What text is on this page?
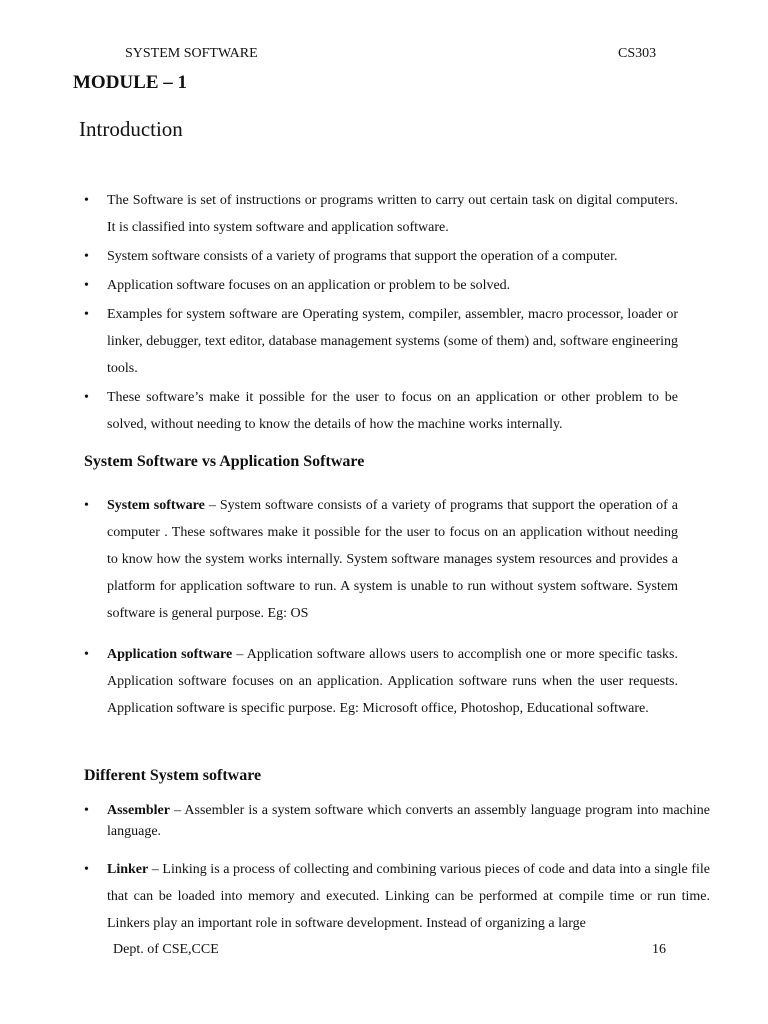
SYSTEM SOFTWARE	CS303
MODULE – 1
Introduction
• The Software is set of instructions or programs written to carry out certain task on digital computers. It is classified into system software and application software.
• System software consists of a variety of programs that support the operation of a computer.
• Application software focuses on an application or problem to be solved.
• Examples for system software are Operating system, compiler, assembler, macro processor, loader or linker, debugger, text editor, database management systems (some of them) and, software engineering tools.
• These software’s make it possible for the user to focus on an application or other problem to be solved, without needing to know the details of how the machine works internally.
System Software vs Application Software
• System software – System software consists of a variety of programs that support the operation of a computer . These softwares make it possible for the user to focus on an application without needing to know how the system works internally. System software manages system resources and provides a platform for application software to run. A system is unable to run without system software. System software is general purpose. Eg: OS
• Application software – Application software allows users to accomplish one or more specific tasks. Application software focuses on an application. Application software runs when the user requests. Application software is specific purpose. Eg: Microsoft office, Photoshop, Educational software.
Different System software
• Assembler – Assembler is a system software which converts an assembly language program into machine language.
• Linker – Linking is a process of collecting and combining various pieces of code and data into a single file that can be loaded into memory and executed. Linking can be performed at compile time or run time. Linkers play an important role in software development. Instead of organizing a large
Dept. of CSE,CCE	16
